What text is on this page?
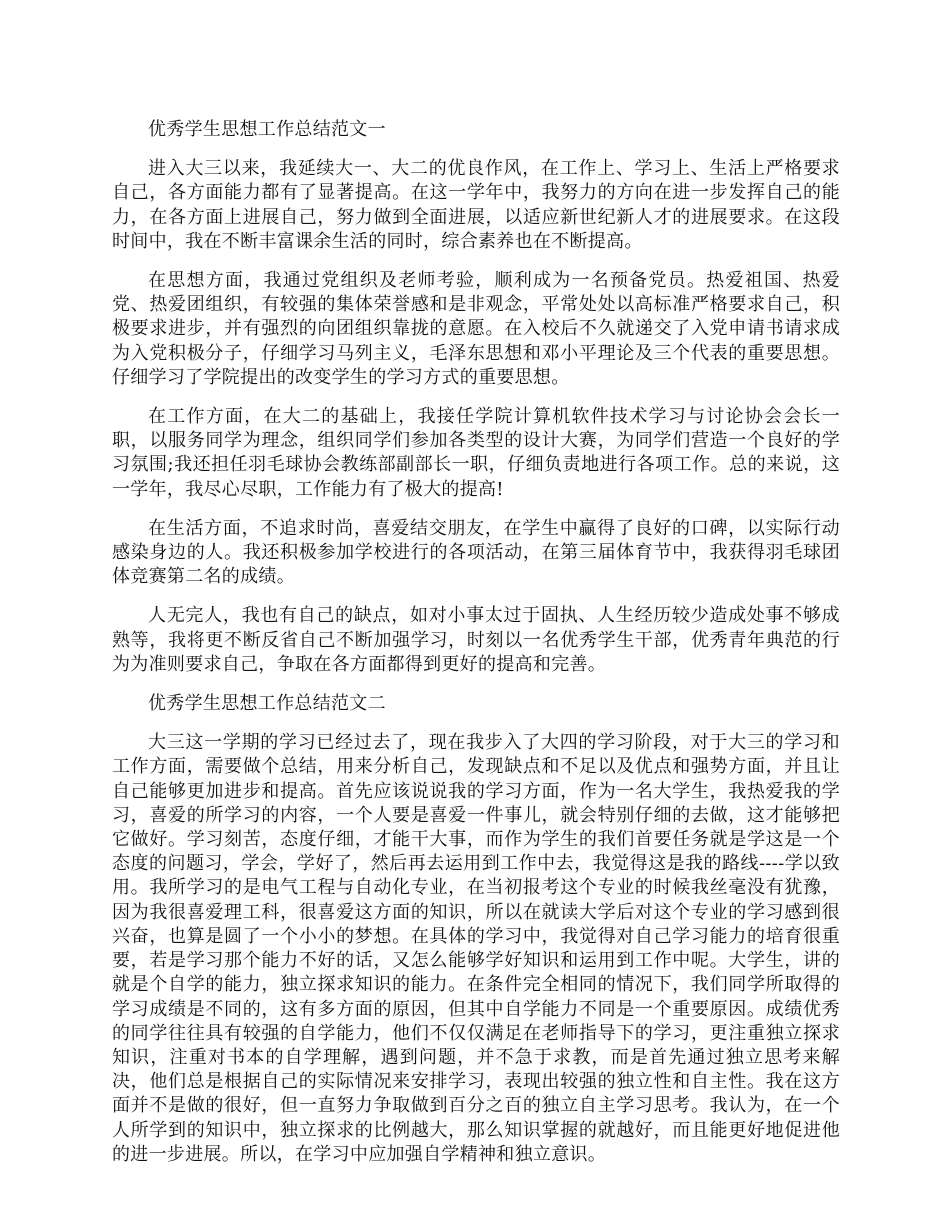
优秀学生思想工作总结范文一

进入大三以来，我延续大一、大二的优良作风，在工作上、学习上、生活上严格要求自己，各方面能力都有了显著提高。在这一学年中，我努力的方向在进一步发挥自己的能力，在各方面上进展自己，努力做到全面进展，以适应新世纪新人才的进展要求。在这段时间中，我在不断丰富课余生活的同时，综合素养也在不断提高。

在思想方面，我通过党组织及老师考验，顺利成为一名预备党员。热爱祖国、热爱党、热爱团组织，有较强的集体荣誉感和是非观念，平常处处以高标准严格要求自己，积极要求进步，并有强烈的向团组织靠拢的意愿。在入校后不久就递交了入党申请书请求成为入党积极分子，仔细学习马列主义，毛泽东思想和邓小平理论及三个代表的重要思想。仔细学习了学院提出的改变学生的学习方式的重要思想。

在工作方面，在大二的基础上，我接任学院计算机软件技术学习与讨论协会会长一职，以服务同学为理念，组织同学们参加各类型的设计大赛，为同学们营造一个良好的学习氛围;我还担任羽毛球协会教练部副部长一职，仔细负责地进行各项工作。总的来说，这一学年，我尽心尽职，工作能力有了极大的提高!

在生活方面，不追求时尚，喜爱结交朋友，在学生中赢得了良好的口碑，以实际行动感染身边的人。我还积极参加学校进行的各项活动，在第三届体育节中，我获得羽毛球团体竞赛第二名的成绩。

人无完人，我也有自己的缺点，如对小事太过于固执、人生经历较少造成处事不够成熟等，我将更不断反省自己不断加强学习，时刻以一名优秀学生干部，优秀青年典范的行为为准则要求自己，争取在各方面都得到更好的提高和完善。

优秀学生思想工作总结范文二

大三这一学期的学习已经过去了，现在我步入了大四的学习阶段，对于大三的学习和工作方面，需要做个总结，用来分析自己，发现缺点和不足以及优点和强势方面，并且让自己能够更加进步和提高。首先应该说说我的学习方面，作为一名大学生，我热爱我的学习，喜爱的所学习的内容，一个人要是喜爱一件事儿，就会特别仔细的去做，这才能够把它做好。学习刻苦，态度仔细，才能干大事，而作为学生的我们首要任务就是学这是一个态度的问题习，学会，学好了，然后再去运用到工作中去，我觉得这是我的路线----学以致用。我所学习的是电气工程与自动化专业，在当初报考这个专业的时候我丝毫没有犹豫，因为我很喜爱理工科，很喜爱这方面的知识，所以在就读大学后对这个专业的学习感到很兴奋，也算是圆了一个小小的梦想。在具体的学习中，我觉得对自己学习能力的培育很重要，若是学习那个能力不好的话，又怎么能够学好知识和运用到工作中呢。大学生，讲的就是个自学的能力，独立探求知识的能力。在条件完全相同的情况下，我们同学所取得的学习成绩是不同的，这有多方面的原因，但其中自学能力不同是一个重要原因。成绩优秀的同学往往具有较强的自学能力，他们不仅仅满足在老师指导下的学习，更注重独立探求知识，注重对书本的自学理解，遇到问题，并不急于求教，而是首先通过独立思考来解决，他们总是根据自己的实际情况来安排学习，表现出较强的独立性和自主性。我在这方面并不是做的很好，但一直努力争取做到百分之百的独立自主学习思考。我认为，在一个人所学到的知识中，独立探求的比例越大，那么知识掌握的就越好，而且能更好地促进他的进一步进展。所以，在学习中应加强自学精神和独立意识。
